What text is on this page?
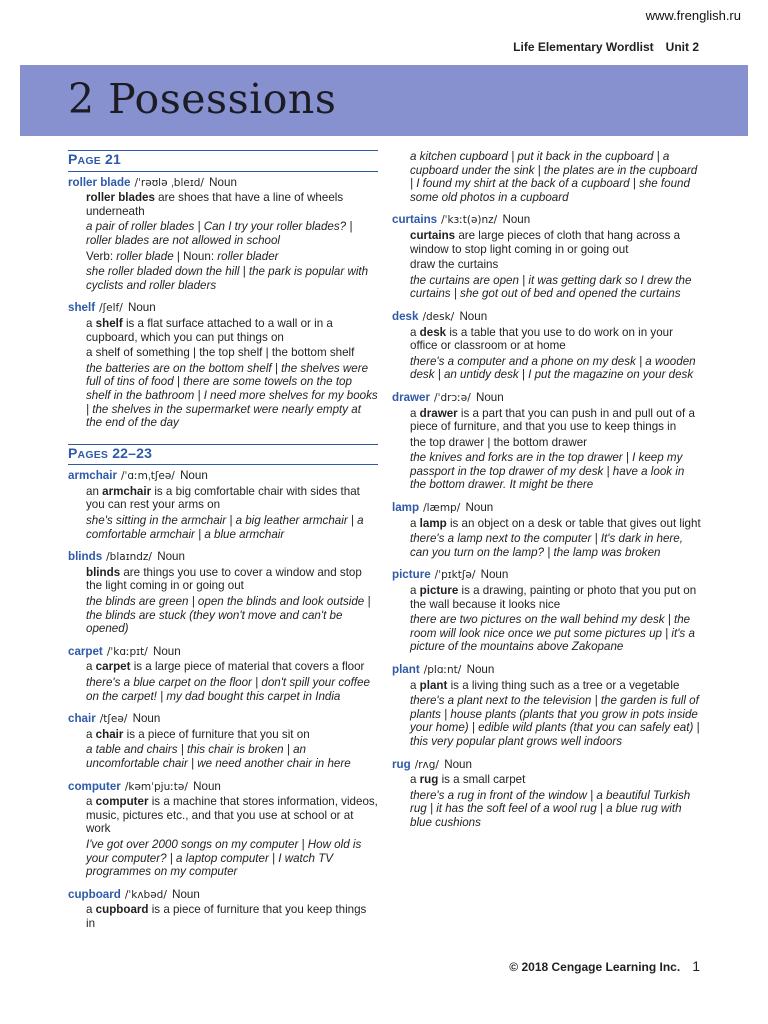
www.frenglish.ru
Life Elementary Wordlist Unit 2
2 Posessions
PAGE 21
roller blade /ˈrəʊlə ˌbleɪd/ Noun

roller blades are shoes that have a line of wheels underneath

a pair of roller blades | Can I try your roller blades? | roller blades are not allowed in school

Verb: roller blade | Noun: roller blader

she roller bladed down the hill | the park is popular with cyclists and roller bladers

shelf /ʃelf/ Noun

a shelf is a flat surface attached to a wall or in a cupboard, which you can put things on

a shelf of something | the top shelf | the bottom shelf

the batteries are on the bottom shelf | the shelves were full of tins of food | there are some towels on the top shelf in the bathroom | I need more shelves for my books | the shelves in the supermarket were nearly empty at the end of the day

PAGES 22–23
armchair /ˈɑːmˌtʃeə/ Noun

an armchair is a big comfortable chair with sides that you can rest your arms on

she's sitting in the armchair | a big leather armchair | a comfortable armchair | a blue armchair

blinds /blaɪndz/ Noun

blinds are things you use to cover a window and stop the light coming in or going out

the blinds are green | open the blinds and look outside | the blinds are stuck (they won't move and can't be opened)

carpet /ˈkɑːpɪt/ Noun

a carpet is a large piece of material that covers a floor

there's a blue carpet on the floor | don't spill your coffee on the carpet! | my dad bought this carpet in India

chair /tʃeə/ Noun

a chair is a piece of furniture that you sit on

a table and chairs | this chair is broken | an uncomfortable chair | we need another chair in here

computer /kəmˈpjuːtə/ Noun

a computer is a machine that stores information, videos, music, pictures etc., and that you use at school or at work

I've got over 2000 songs on my computer | How old is your computer? | a laptop computer | I watch TV programmes on my computer

cupboard /ˈkʌbəd/ Noun

a cupboard is a piece of furniture that you keep things in

a kitchen cupboard | put it back in the cupboard | a cupboard under the sink | the plates are in the cupboard | I found my shirt at the back of a cupboard | she found some old photos in a cupboard
curtains /ˈkɜːt(ə)nz/ Noun

curtains are large pieces of cloth that hang across a window to stop light coming in or going out

draw the curtains

the curtains are open | it was getting dark so I drew the curtains | she got out of bed and opened the curtains

desk /desk/ Noun

a desk is a table that you use to do work on in your office or classroom or at home

there's a computer and a phone on my desk | a wooden desk | an untidy desk | I put the magazine on your desk

drawer /ˈdrɔːə/ Noun

a drawer is a part that you can push in and pull out of a piece of furniture, and that you use to keep things in

the top drawer | the bottom drawer

the knives and forks are in the top drawer | I keep my passport in the top drawer of my desk | have a look in the bottom drawer. It might be there

lamp /læmp/ Noun

a lamp is an object on a desk or table that gives out light

there's a lamp next to the computer | It's dark in here, can you turn on the lamp? | the lamp was broken

picture /ˈpɪktʃə/ Noun

a picture is a drawing, painting or photo that you put on the wall because it looks nice

there are two pictures on the wall behind my desk | the room will look nice once we put some pictures up | it's a picture of the mountains above Zakopane

plant /plɑːnt/ Noun

a plant is a living thing such as a tree or a vegetable

there's a plant next to the television | the garden is full of plants | house plants (plants that you grow in pots inside your home) | edible wild plants (that you can safely eat) | this very popular plant grows well indoors

rug /rʌg/ Noun

a rug is a small carpet

there's a rug in front of the window | a beautiful Turkish rug | it has the soft feel of a wool rug | a blue rug with blue cushions

© 2018 Cengage Learning Inc. 1
